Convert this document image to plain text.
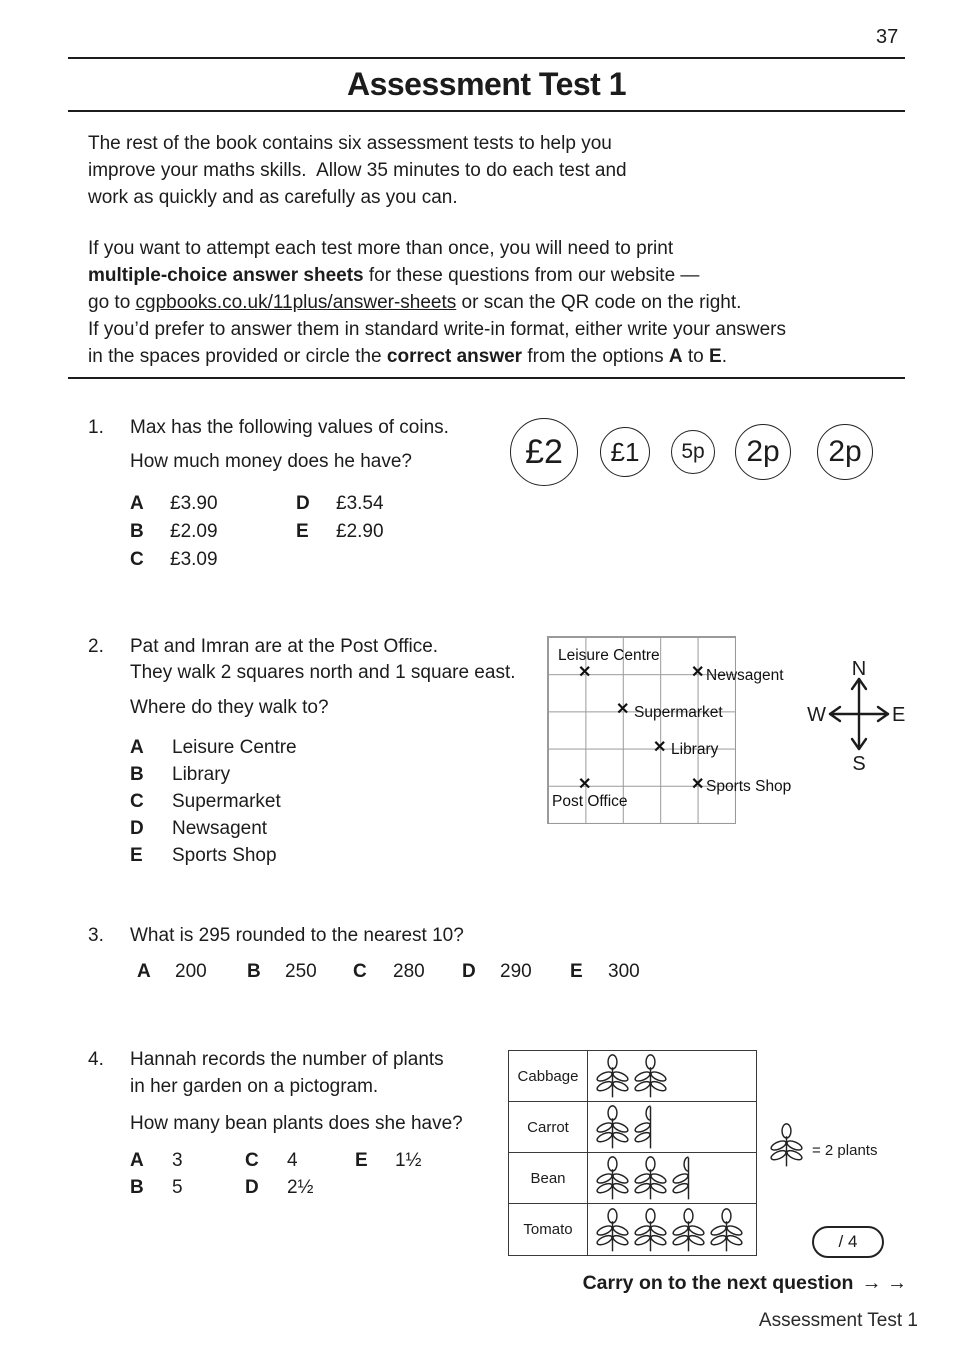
37
Assessment Test 1
The rest of the book contains six assessment tests to help you
improve your maths skills.  Allow 35 minutes to do each test and
work as quickly and as carefully as you can.
If you want to attempt each test more than once, you will need to print
multiple-choice answer sheets for these questions from our website —
go to cgpbooks.co.uk/11plus/answer-sheets or scan the QR code on the right.
If you’d prefer to answer them in standard write-in format, either write your answers
in the spaces provided or circle the correct answer from the options A to E.
1. Max has the following values of coins.
How much money does he have?
A £3.90
B £2.09
C £3.09
D £3.54
E £2.90
£2 £1 5p 2p 2p
2. Pat and Imran are at the Post Office.
They walk 2 squares north and 1 square east.
Where do they walk to?
A Leisure Centre
B Library
C Supermarket
D Newsagent
E Sports Shop
Leisure Centre
✕	✕ Newsagent
✕ Supermarket
✕ Library
✕
Post Office
✕ Sports Shop
N
S
W	E
3. What is 295 rounded to the nearest 10?
A 200 B 250 C 280 D 290 E 300
4. Hannah records the number of plants
in her garden on a pictogram.
How many bean plants does she have?
A 3	C 4	E 1½
B 5	D 2½
Cabbage
Carrot
Bean
Tomato
= 2 plants
/ 4
Carry on to the next question → →
Assessment Test 1
